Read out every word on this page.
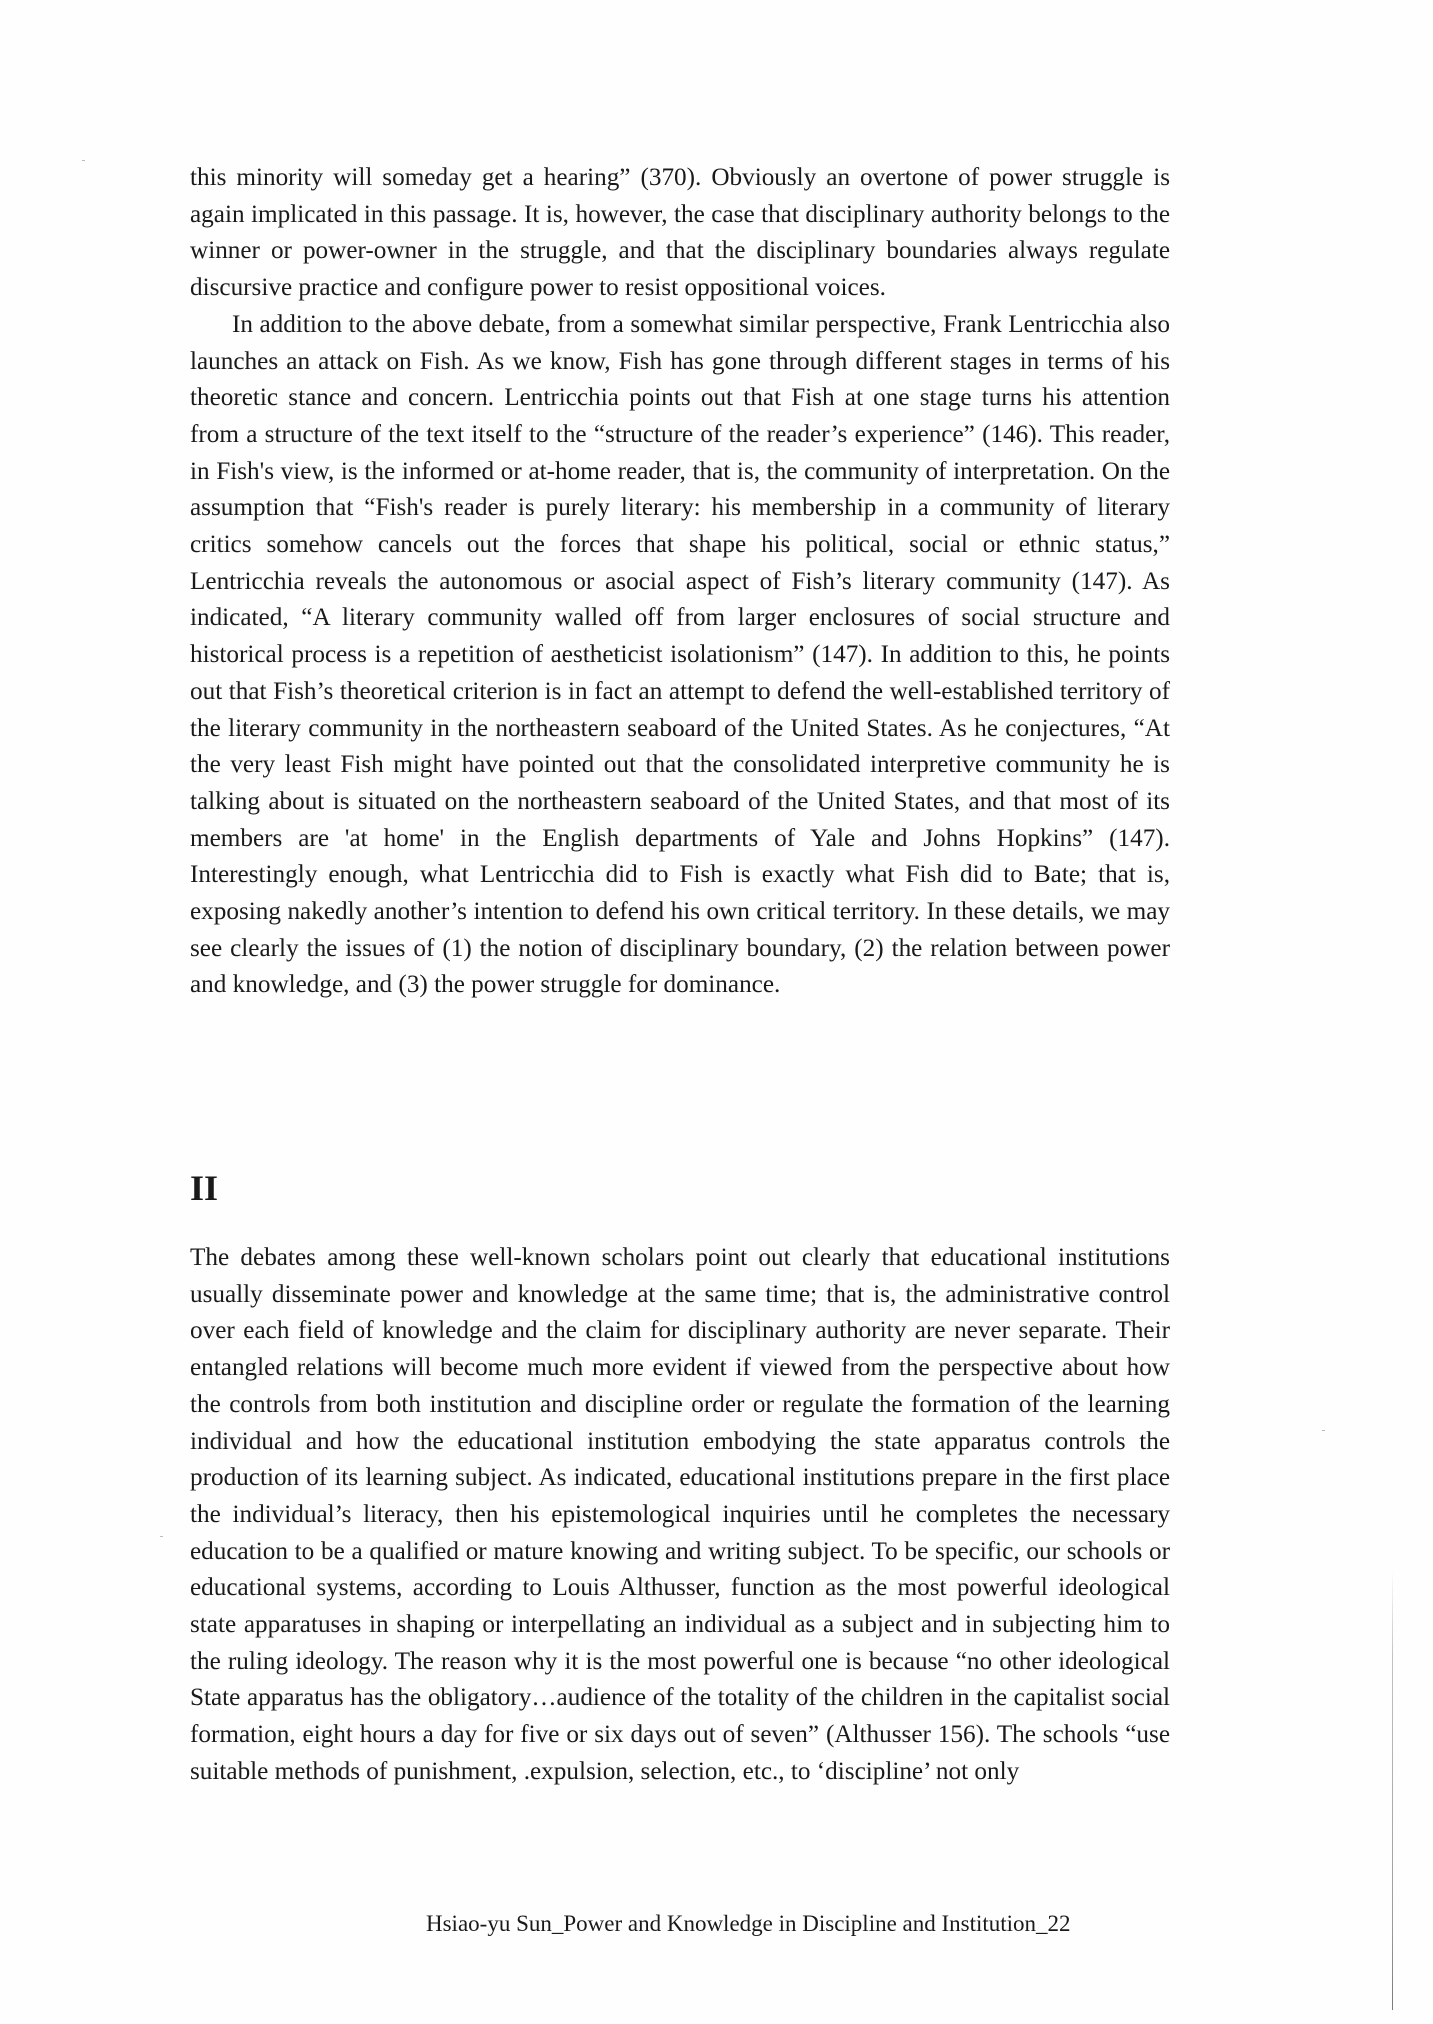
this minority will someday get a hearing” (370). Obviously an overtone of power struggle is again implicated in this passage. It is, however, the case that disciplinary authority belongs to the winner or power-owner in the struggle, and that the disciplinary boundaries always regulate discursive practice and configure power to resist oppositional voices.

In addition to the above debate, from a somewhat similar perspective, Frank Lentricchia also launches an attack on Fish. As we know, Fish has gone through different stages in terms of his theoretic stance and concern. Lentricchia points out that Fish at one stage turns his attention from a structure of the text itself to the “structure of the reader’s experience” (146). This reader, in Fish's view, is the informed or at-home reader, that is, the community of interpretation. On the assumption that “Fish's reader is purely literary: his membership in a community of literary critics somehow cancels out the forces that shape his political, social or ethnic status,” Lentricchia reveals the autonomous or asocial aspect of Fish’s literary community (147). As indicated, “A literary community walled off from larger enclosures of social structure and historical process is a repetition of aestheticist isolationism” (147). In addition to this, he points out that Fish’s theoretical criterion is in fact an attempt to defend the well-established territory of the literary community in the northeastern seaboard of the United States. As he conjectures, “At the very least Fish might have pointed out that the consolidated interpretive community he is talking about is situated on the northeastern seaboard of the United States, and that most of its members are 'at home' in the English departments of Yale and Johns Hopkins” (147). Interestingly enough, what Lentricchia did to Fish is exactly what Fish did to Bate; that is, exposing nakedly another’s intention to defend his own critical territory. In these details, we may see clearly the issues of (1) the notion of disciplinary boundary, (2) the relation between power and knowledge, and (3) the power struggle for dominance.

II

The debates among these well-known scholars point out clearly that educational institutions usually disseminate power and knowledge at the same time; that is, the administrative control over each field of knowledge and the claim for disciplinary authority are never separate. Their entangled relations will become much more evident if viewed from the perspective about how the controls from both institution and discipline order or regulate the formation of the learning individual and how the educational institution embodying the state apparatus controls the production of its learning subject. As indicated, educational institutions prepare in the first place the individual’s literacy, then his epistemological inquiries until he completes the necessary education to be a qualified or mature knowing and writing subject. To be specific, our schools or educational systems, according to Louis Althusser, function as the most powerful ideological state apparatuses in shaping or interpellating an individual as a subject and in subjecting him to the ruling ideology. The reason why it is the most powerful one is because “no other ideological State apparatus has the obligatory…audience of the totality of the children in the capitalist social formation, eight hours a day for five or six days out of seven” (Althusser 156). The schools “use suitable methods of punishment, .expulsion, selection, etc., to ‘discipline’ not only

Hsiao-yu Sun_Power and Knowledge in Discipline and Institution_22
